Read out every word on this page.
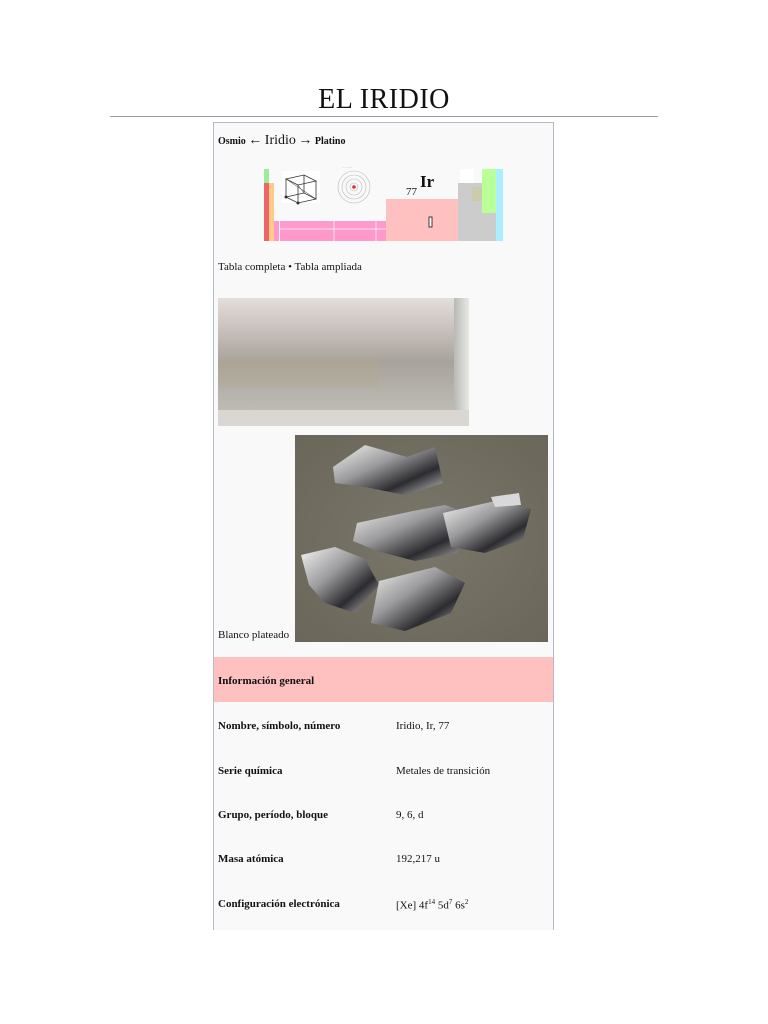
EL IRIDIO
Osmio ← Iridio → Platino
.... ......
77
Ir
Tabla completa • Tabla ampliada
Blanco plateado
Información general
Nombre, símbolo, número	Iridio, Ir, 77
Serie química	Metales de transición
Grupo, período, bloque	9, 6, d
Masa atómica	192,217 u
Configuración electrónica	[Xe] $4f^{14}$ $5d^7$ $6s^2$
